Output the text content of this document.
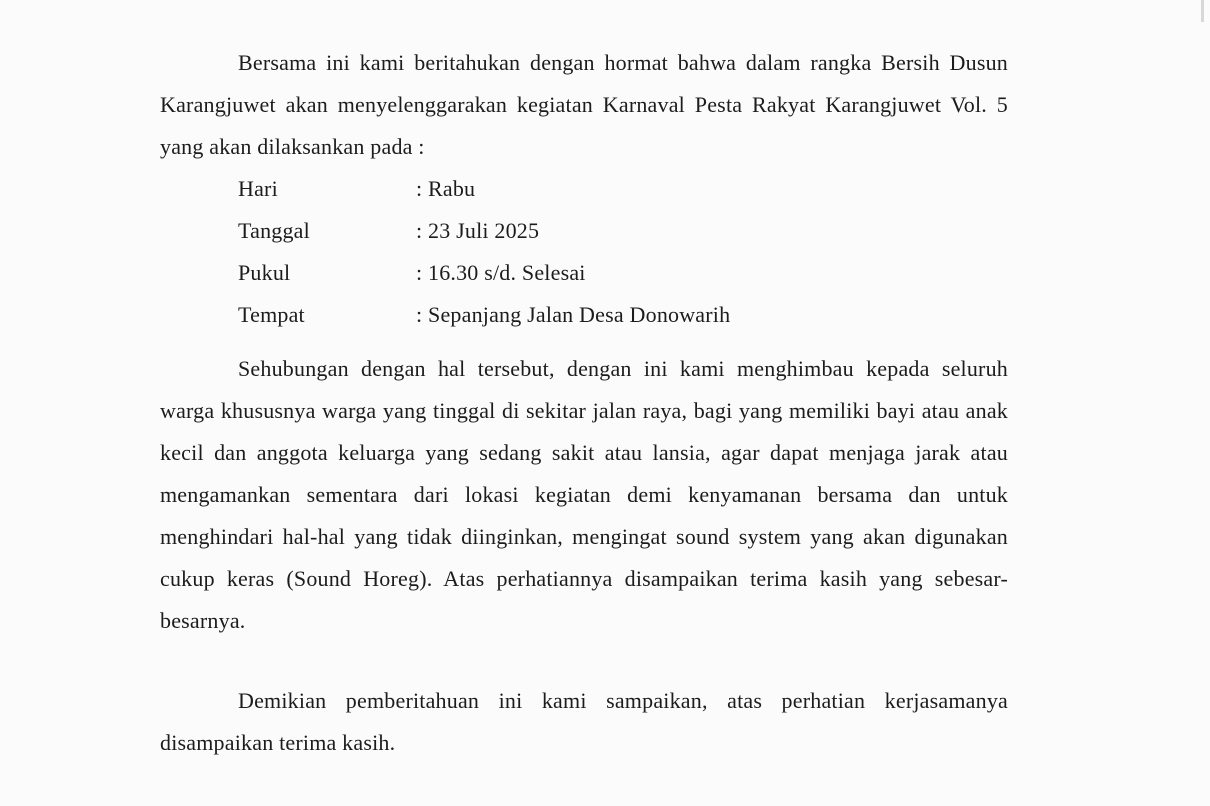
Bersama ini kami beritahukan dengan hormat bahwa dalam rangka Bersih Dusun Karangjuwet akan menyelenggarakan kegiatan Karnaval Pesta Rakyat Karangjuwet Vol. 5 yang akan dilaksankan pada :

Hari	: Rabu
Tanggal	: 23 Juli 2025
Pukul	: 16.30 s/d. Selesai
Tempat	: Sepanjang Jalan Desa Donowarih

Sehubungan dengan hal tersebut, dengan ini kami menghimbau kepada seluruh warga khususnya warga yang tinggal di sekitar jalan raya, bagi yang memiliki bayi atau anak kecil dan anggota keluarga yang sedang sakit atau lansia, agar dapat menjaga jarak atau mengamankan sementara dari lokasi kegiatan demi kenyamanan bersama dan untuk menghindari hal-hal yang tidak diinginkan, mengingat sound system yang akan digunakan cukup keras (Sound Horeg). Atas perhatiannya disampaikan terima kasih yang sebesar-besarnya.

Demikian pemberitahuan ini kami sampaikan, atas perhatian kerjasamanya disampaikan terima kasih.
